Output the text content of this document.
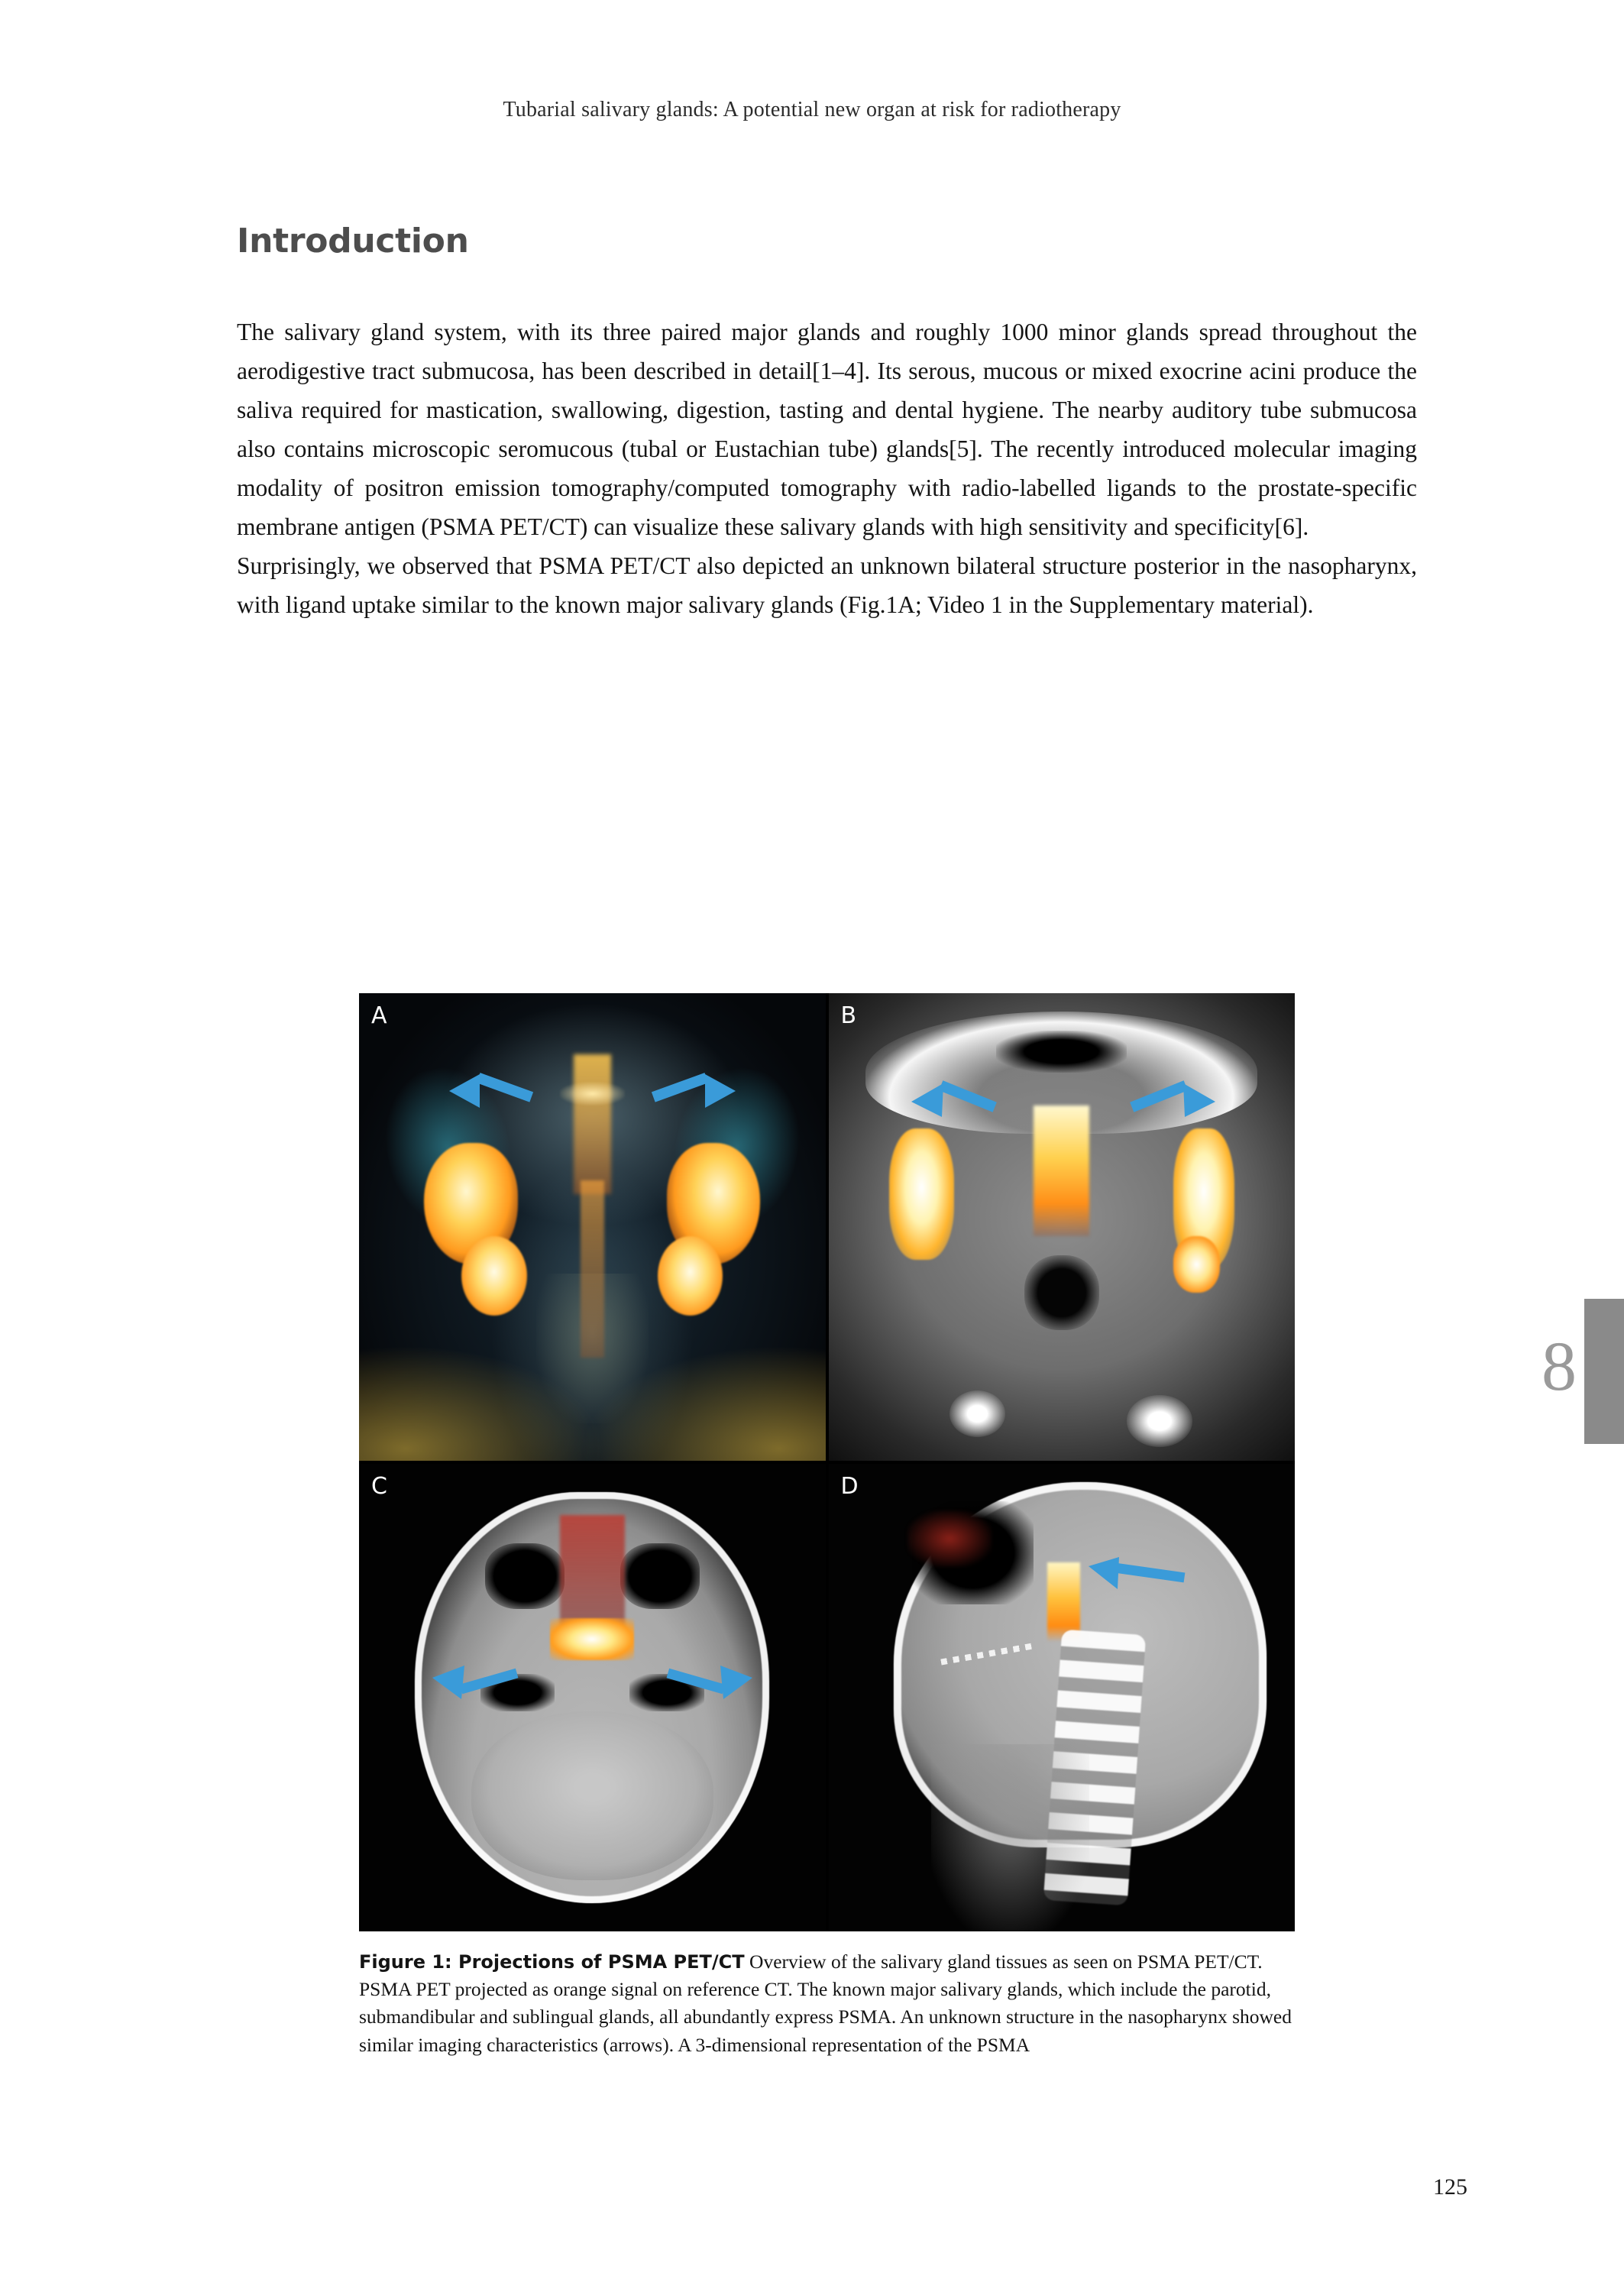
Tubarial salivary glands: A potential new organ at risk for radiotherapy
Introduction

The salivary gland system, with its three paired major glands and roughly 1000 minor glands spread throughout the aerodigestive tract submucosa, has been described in detail[1–4]. Its serous, mucous or mixed exocrine acini produce the saliva required for mastication, swallowing, digestion, tasting and dental hygiene. The nearby auditory tube submucosa also contains microscopic seromucous (tubal or Eustachian tube) glands[5]. The recently introduced molecular imaging modality of positron emission tomography/computed tomography with radio-labelled ligands to the prostate-specific membrane antigen (PSMA PET/CT) can visualize these salivary glands with high sensitivity and specificity[6].

Surprisingly, we observed that PSMA PET/CT also depicted an unknown bilateral structure posterior in the nasopharynx, with ligand uptake similar to the known major salivary glands (Fig.1A; Video 1 in the Supplementary material).

A	B
C	D
Figure 1: Projections of PSMA PET/CT Overview of the salivary gland tissues as seen on PSMA PET/CT. PSMA PET projected as orange signal on reference CT. The known major salivary glands, which include the parotid, submandibular and sublingual glands, all abundantly express PSMA. An unknown structure in the nasopharynx showed similar imaging characteristics (arrows). A 3-dimensional representation of the PSMA
8
125
